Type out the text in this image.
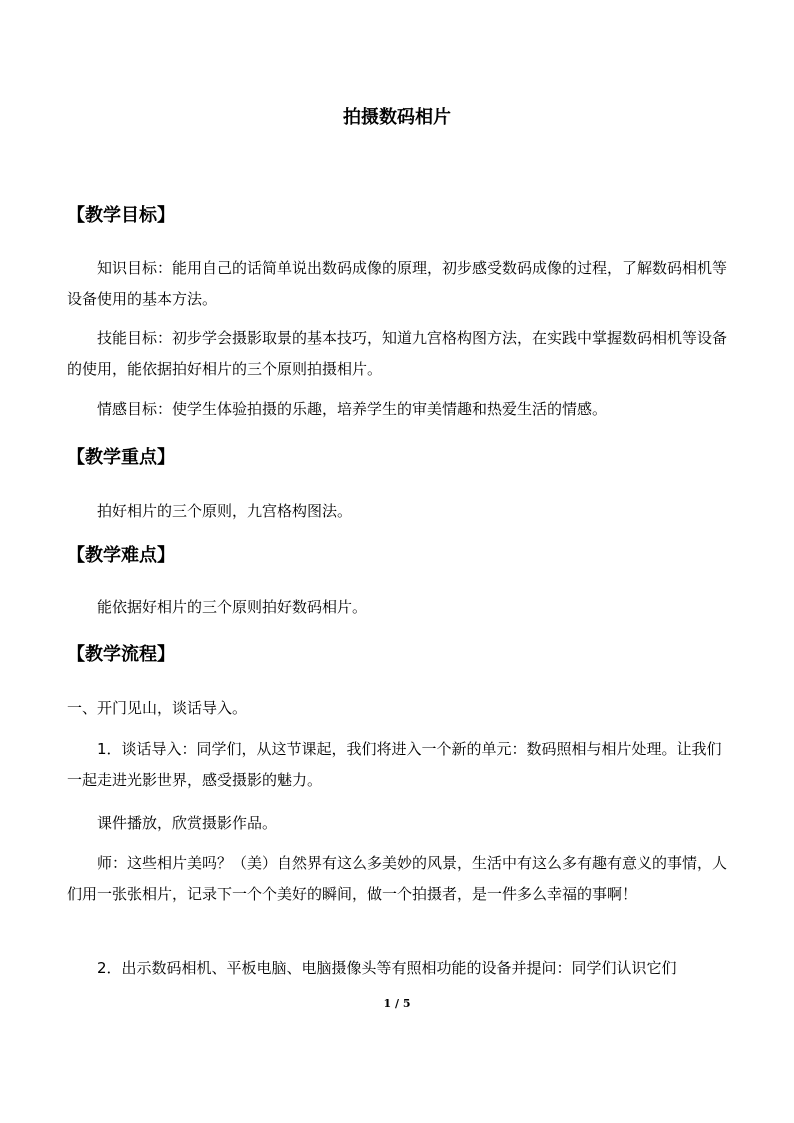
拍摄数码相片
【教学目标】
知识目标：能用自己的话简单说出数码成像的原理，初步感受数码成像的过程，了解数码相机等设备使用的基本方法。
技能目标：初步学会摄影取景的基本技巧，知道九宫格构图方法，在实践中掌握数码相机等设备的使用，能依据拍好相片的三个原则拍摄相片。
情感目标：使学生体验拍摄的乐趣，培养学生的审美情趣和热爱生活的情感。
【教学重点】
拍好相片的三个原则，九宫格构图法。
【教学难点】
能依据好相片的三个原则拍好数码相片。
【教学流程】
一、开门见山，谈话导入。
1．谈话导入：同学们，从这节课起，我们将进入一个新的单元：数码照相与相片处理。让我们一起走进光影世界，感受摄影的魅力。
课件播放，欣赏摄影作品。
师：这些相片美吗？（美）自然界有这么多美妙的风景，生活中有这么多有趣有意义的事情，人们用一张张相片，记录下一个个美好的瞬间，做一个拍摄者，是一件多么幸福的事啊！
2．出示数码相机、平板电脑、电脑摄像头等有照相功能的设备并提问：同学们认识它们
1 / 5
